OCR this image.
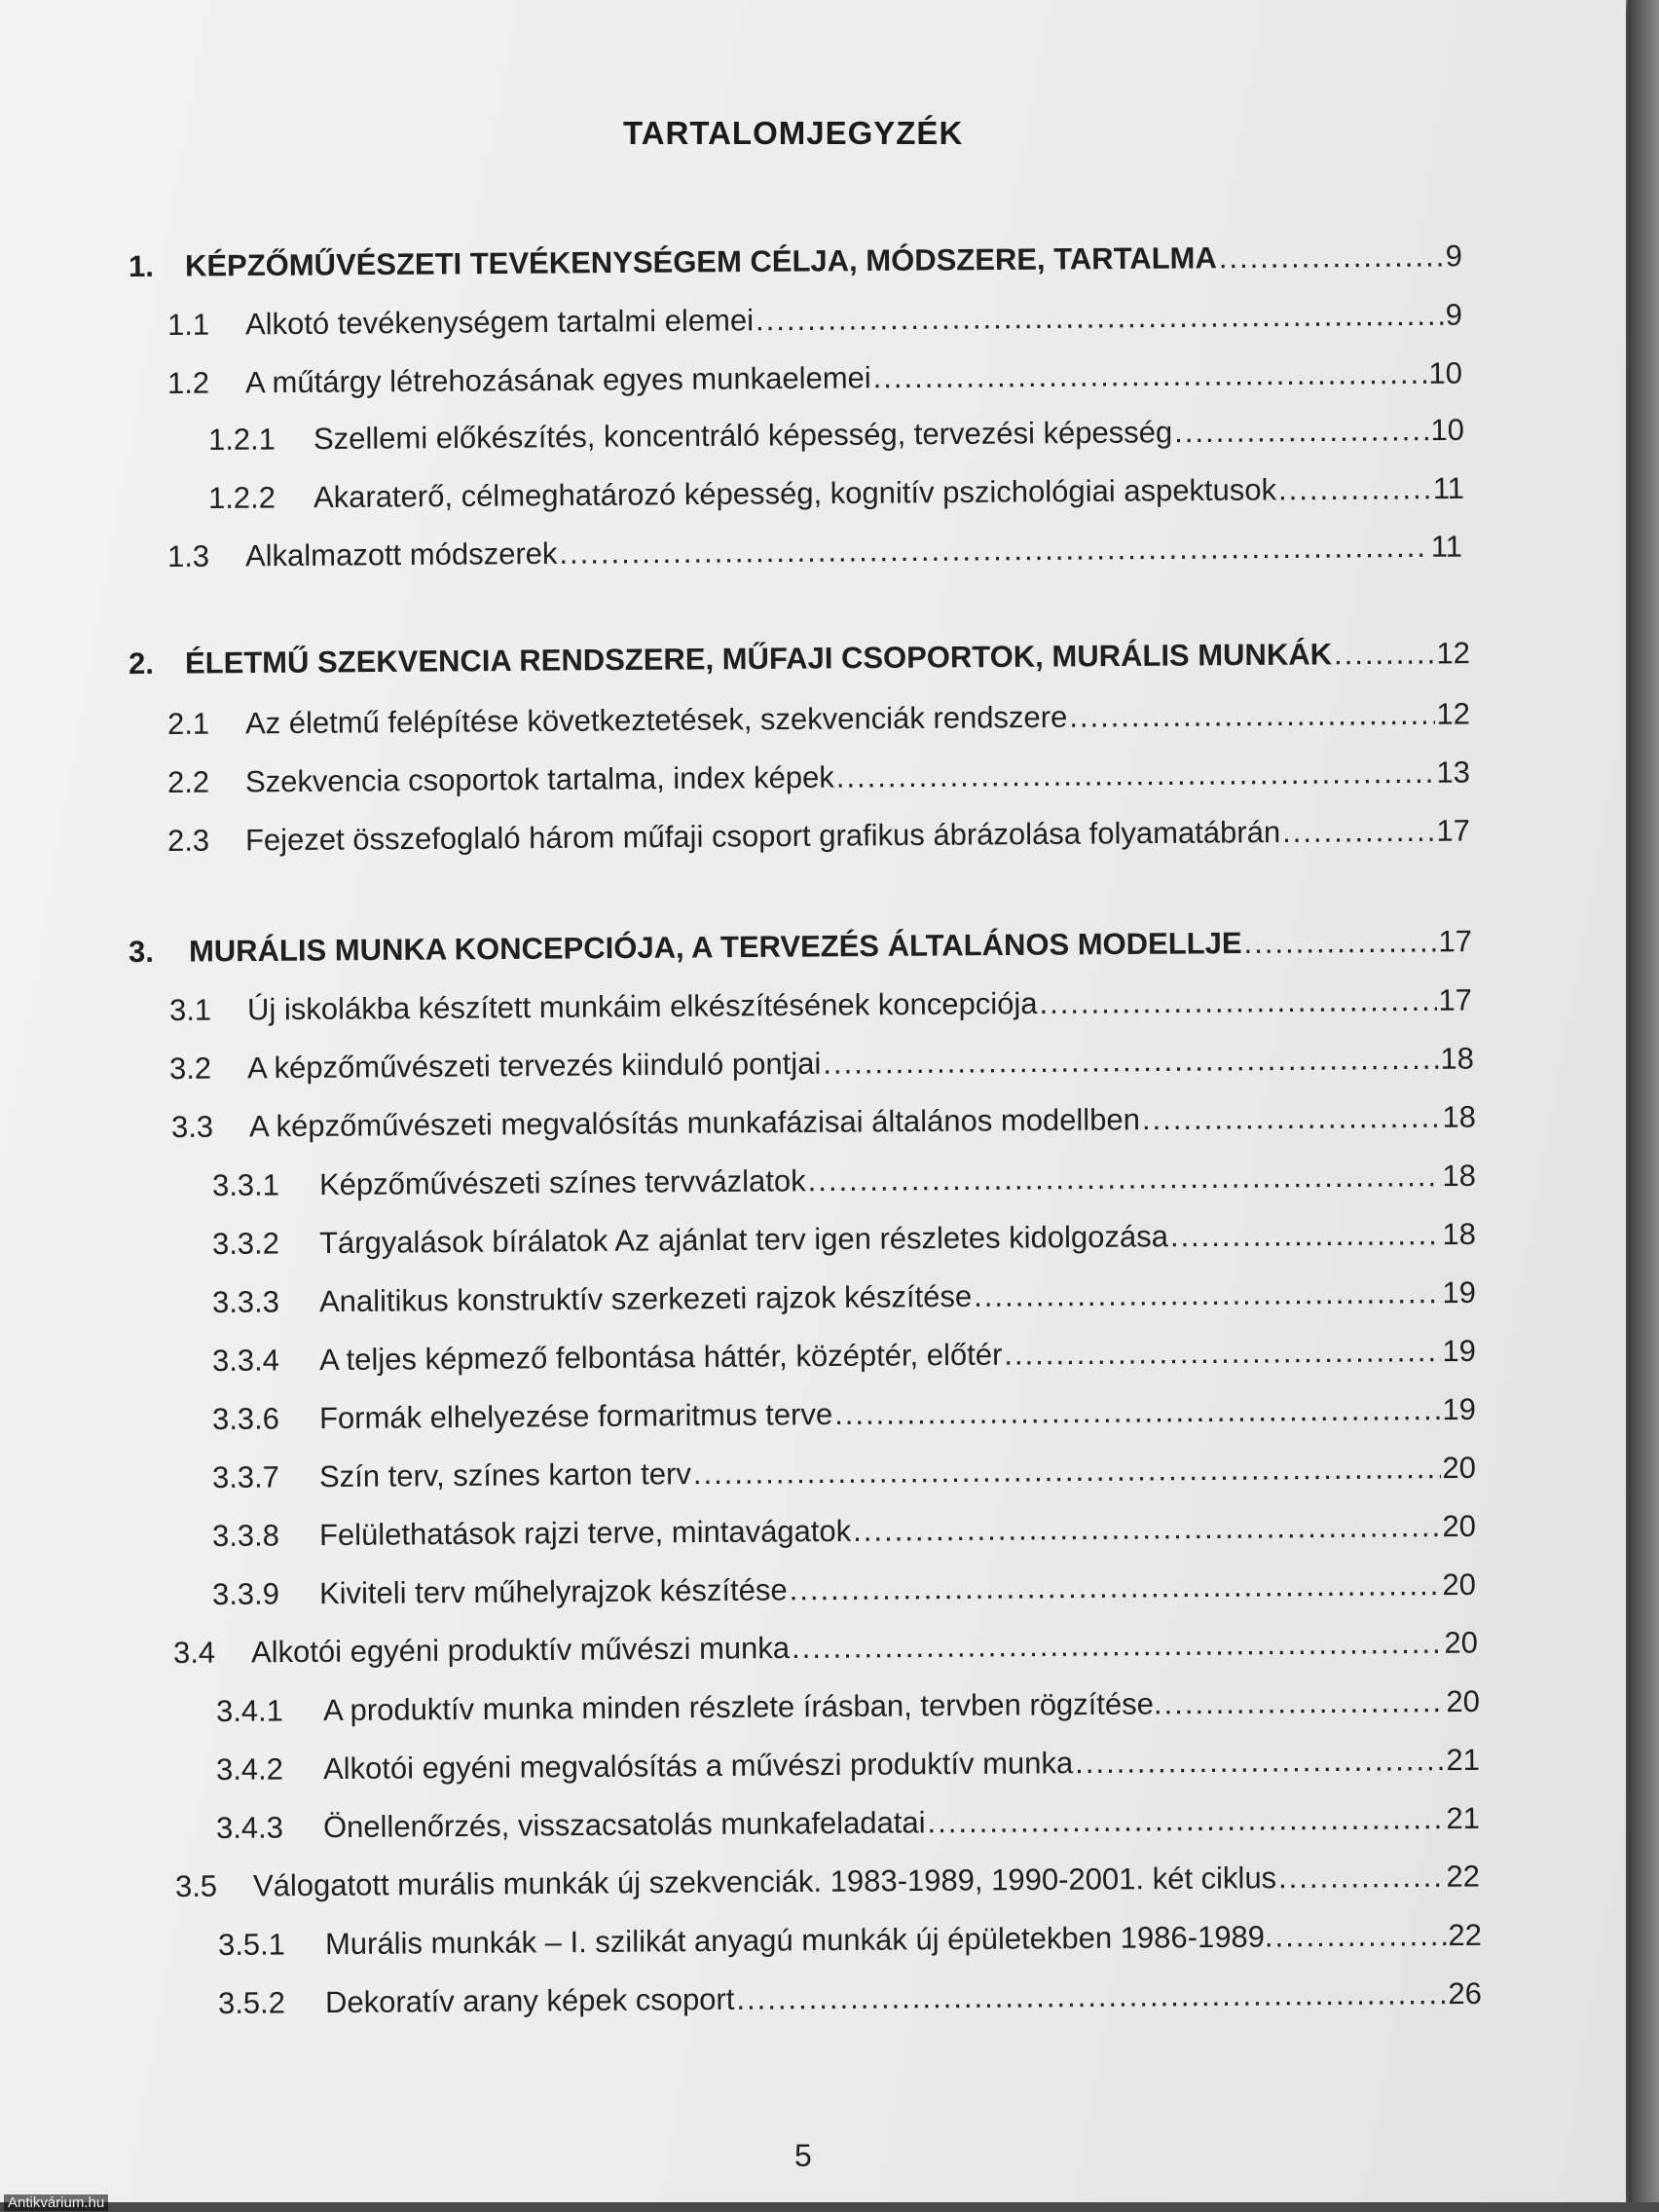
TARTALOMJEGYZÉK
1.	KÉPZŐMŰVÉSZETI TEVÉKENYSÉGEM CÉLJA, MÓDSZERE, TARTALMA .....	9
1.1	Alkotó tevékenységem tartalmi elemei .....	9
1.2	A műtárgy létrehozásának egyes munkaelemei .....	10
1.2.1	Szellemi előkészítés, koncentráló képesség, tervezési képesség .....	10
1.2.2	Akaraterő, célmeghatározó képesség, kognitív pszichológiai aspektusok .....	11
1.3	Alkalmazott módszerek .....	11
2.	ÉLETMŰ SZEKVENCIA RENDSZERE, MŰFAJI CSOPORTOK, MURÁLIS MUNKÁK .....	12
2.1	Az életmű felépítése következtetések, szekvenciák rendszere .....	12
2.2	Szekvencia csoportok tartalma, index képek .....	13
2.3	Fejezet összefoglaló három műfaji csoport grafikus ábrázolása folyamatábrán .....	17
3.	MURÁLIS MUNKA KONCEPCIÓJA, A TERVEZÉS ÁLTALÁNOS MODELLJE .....	17
3.1	Új iskolákba készített munkáim elkészítésének koncepciója .....	17
3.2	A képzőművészeti tervezés kiinduló pontjai .....	18
3.3	A képzőművészeti megvalósítás munkafázisai általános modellben .....	18
3.3.1	Képzőművészeti színes tervvázlatok .....	18
3.3.2	Tárgyalások bírálatok Az ajánlat terv igen részletes kidolgozása .....	18
3.3.3	Analitikus konstruktív szerkezeti rajzok készítése .....	19
3.3.4	A teljes képmező felbontása háttér, középtér, előtér .....	19
3.3.6	Formák elhelyezése formaritmus terve .....	19
3.3.7	Szín terv, színes karton terv .....	20
3.3.8	Felülethatások rajzi terve, mintavágatok .....	20
3.3.9	Kiviteli terv műhelyrajzok készítése .....	20
3.4	Alkotói egyéni produktív művészi munka .....	20
3.4.1	A produktív munka minden részlete írásban, tervben rögzítése. .....	20
3.4.2	Alkotói egyéni megvalósítás a művészi produktív munka .....	21
3.4.3	Önellenőrzés, visszacsatolás munkafeladatai .....	21
3.5	Válogatott murális munkák új szekvenciák. 1983-1989, 1990-2001. két ciklus .....	22
3.5.1	Murális munkák – I. szilikát anyagú munkák új épületekben 1986-1989. .....	22
3.5.2	Dekoratív arany képek csoport .....	26
5
Antikvárium.hu
